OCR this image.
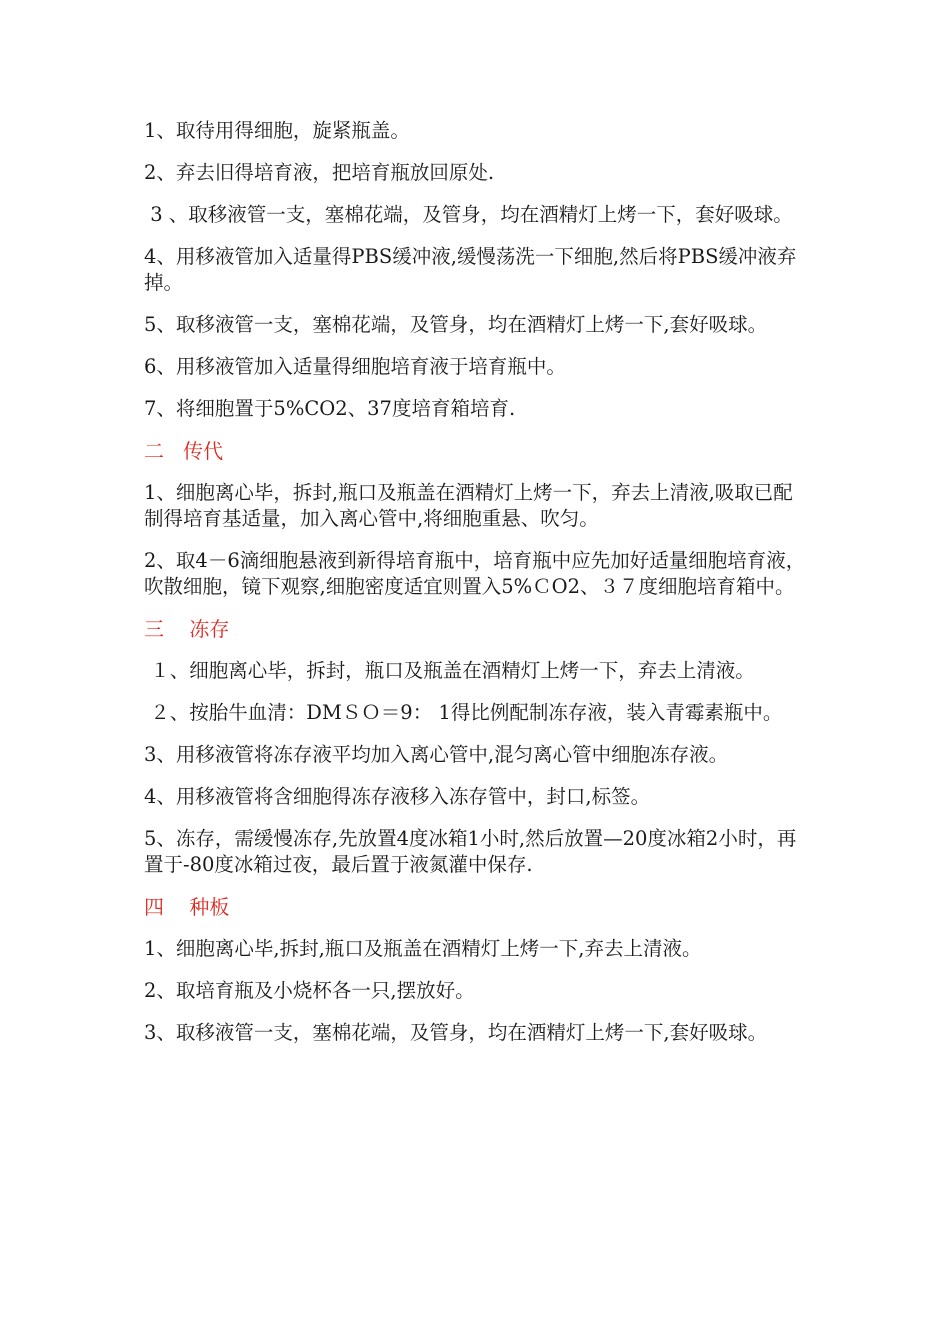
1、取待用得细胞，旋紧瓶盖。

2、弃去旧得培育液，把培育瓶放回原处.

3 、取移液管一支，塞棉花端，及管身，均在酒精灯上烤一下，套好吸球。

4、用移液管加入适量得PBS缓冲液,缓慢荡洗一下细胞,然后将PBS缓冲液弃掉。

5、取移液管一支，塞棉花端，及管身，均在酒精灯上烤一下,套好吸球。

6、用移液管加入适量得细胞培育液于培育瓶中。

7、将细胞置于5%CO2、37度培育箱培育.

二   传代

1、细胞离心毕，拆封,瓶口及瓶盖在酒精灯上烤一下，弃去上清液,吸取已配制得培育基适量，加入离心管中,将细胞重悬、吹匀。

2、取4－6滴细胞悬液到新得培育瓶中，培育瓶中应先加好适量细胞培育液，吹散细胞，镜下观察,细胞密度适宜则置入5%ＣO2、３７度细胞培育箱中。

三    冻存

１、细胞离心毕，拆封，瓶口及瓶盖在酒精灯上烤一下，弃去上清液。

２、按胎牛血清：DMＳＯ＝9： 1得比例配制冻存液，装入青霉素瓶中。

3、用移液管将冻存液平均加入离心管中,混匀离心管中细胞冻存液。

4、用移液管将含细胞得冻存液移入冻存管中，封口,标签。

5、冻存，需缓慢冻存,先放置4度冰箱1小时,然后放置—20度冰箱2小时，再置于-80度冰箱过夜，最后置于液氮灌中保存.

四    种板

1、细胞离心毕,拆封,瓶口及瓶盖在酒精灯上烤一下,弃去上清液。

2、取培育瓶及小烧杯各一只,摆放好。

3、取移液管一支，塞棉花端，及管身，均在酒精灯上烤一下,套好吸球。
